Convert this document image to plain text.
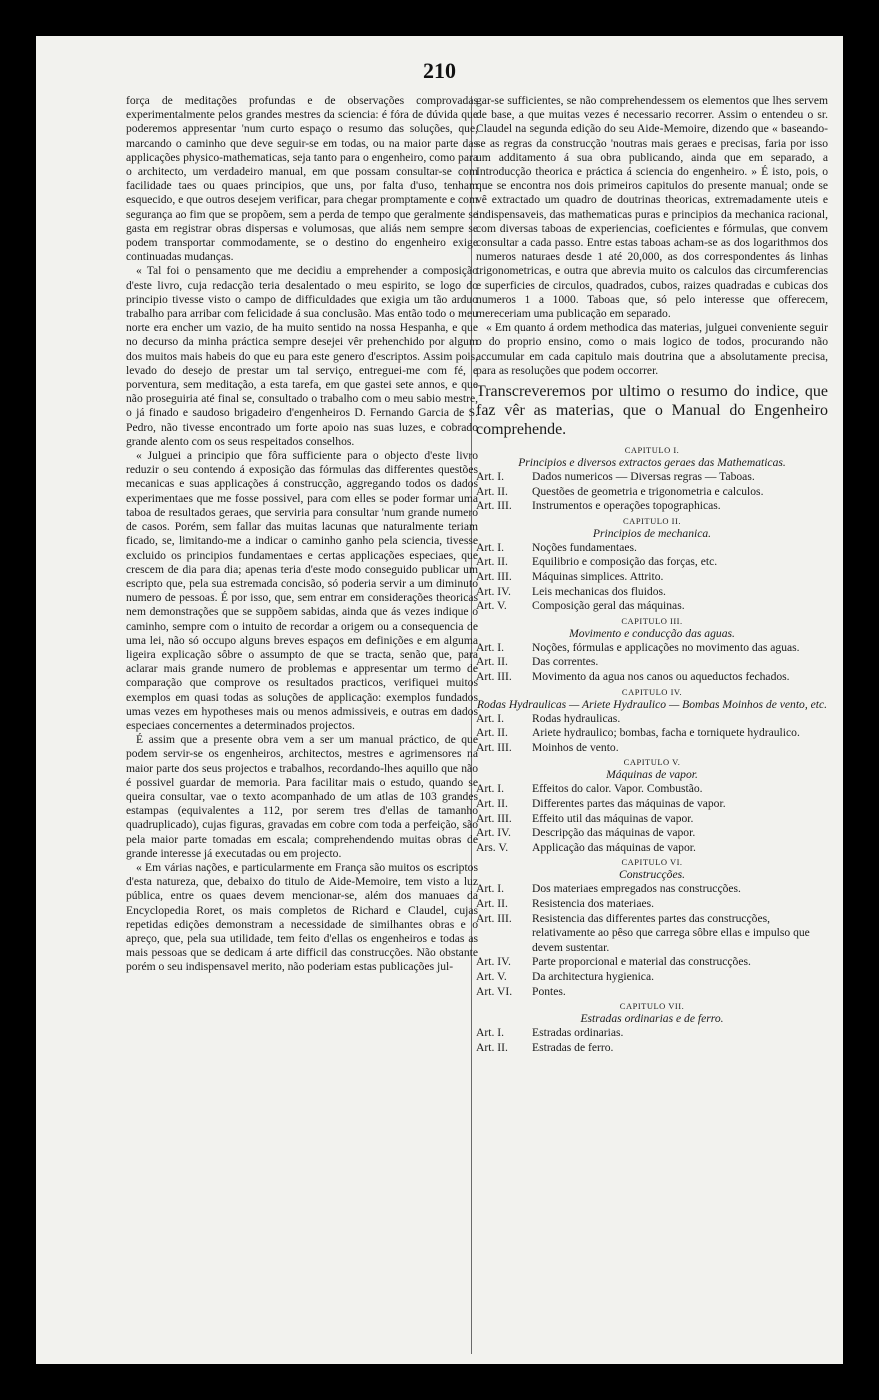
210

força de meditações profundas e de observações comprovadas experimentalmente pelos grandes mestres da sciencia: é fóra de dúvida que poderemos appresentar 'num curto espaço o resumo das soluções, que, marcando o caminho que deve seguir-se em todas, ou na maior parte das applicações physico-mathematicas, seja tanto para o engenheiro, como para o architecto, um verdadeiro manual, em que possam consultar-se com facilidade taes ou quaes principios, que uns, por falta d'uso, tenham esquecido, e que outros desejem verificar, para chegar promptamente e com segurança ao fim que se propõem, sem a perda de tempo que geralmente se gasta em registrar obras dispersas e volumosas, que aliás nem sempre se podem transportar commodamente, se o destino do engenheiro exige continuadas mudanças.

« Tal foi o pensamento que me decidiu a emprehender a composição d'este livro, cuja redacção teria desalentado o meu espirito, se logo do principio tivesse visto o campo de difficuldades que exigia um tão arduo trabalho para arribar com felicidade á sua conclusão. Mas então todo o meu norte era encher um vazio, de ha muito sentido na nossa Hespanha, e que no decurso da minha práctica sempre desejei vêr prehenchido por algum dos muitos mais habeis do que eu para este genero d'escriptos. Assim pois, levado do desejo de prestar um tal serviço, entreguei-me com fé, e porventura, sem meditação, a esta tarefa, em que gastei sete annos, e que não proseguiria até final se, consultado o trabalho com o meu sabio mestre, o já finado e saudoso brigadeiro d'engenheiros D. Fernando Garcia de S. Pedro, não tivesse encontrado um forte apoio nas suas luzes, e cobrado grande alento com os seus respeitados conselhos.

« Julguei a principio que fôra sufficiente para o objecto d'este livro reduzir o seu contendo á exposição das fórmulas das differentes questões mecanicas e suas applicações á construcção, aggregando todos os dados experimentaes que me fosse possivel, para com elles se poder formar uma taboa de resultados geraes, que serviria para consultar 'num grande numero de casos. Porém, sem fallar das muitas lacunas que naturalmente teriam ficado, se, limitando-me a indicar o caminho ganho pela sciencia, tivesse excluido os principios fundamentaes e certas applicações especiaes, que crescem de dia para dia; apenas teria d'este modo conseguido publicar um escripto que, pela sua estremada concisão, só poderia servir a um diminuto numero de pessoas. É por isso, que, sem entrar em considerações theoricas nem demonstrações que se suppõem sabidas, ainda que ás vezes indique o caminho, sempre com o intuito de recordar a origem ou a consequencia de uma lei, não só occupo alguns breves espaços em definições e em alguma ligeira explicação sôbre o assumpto de que se tracta, senão que, para aclarar mais grande numero de problemas e appresentar um termo de comparação que comprove os resultados practicos, verifiquei muitos exemplos em quasi todas as soluções de applicação: exemplos fundados umas vezes em hypotheses mais ou menos admissiveis, e outras em dados especiaes concernentes a determinados projectos.

É assim que a presente obra vem a ser um manual práctico, de que podem servir-se os engenheiros, architectos, mestres e agrimensores na maior parte dos seus projectos e trabalhos, recordando-lhes aquillo que não é possivel guardar de memoria. Para facilitar mais o estudo, quando se queira consultar, vae o texto acompanhado de um atlas de 103 grandes estampas (equivalentes a 112, por serem tres d'ellas de tamanho quadruplicado), cujas figuras, gravadas em cobre com toda a perfeição, são pela maior parte tomadas em escala; comprehendendo muitas obras de grande interesse já executadas ou em projecto.

« Em várias nações, e particularmente em França são muitos os escriptos d'esta natureza, que, debaixo do titulo de Aide-Memoire, tem visto a luz pública, entre os quaes devem mencionar-se, além dos manuaes da Encyclopedia Roret, os mais completos de Richard e Claudel, cujas repetidas edições demonstram a necessidade de similhantes obras e o apreço, que, pela sua utilidade, tem feito d'ellas os engenheiros e todas as mais pessoas que se dedicam á arte difficil das construcções. Não obstante porém o seu indispensavel merito, não poderiam estas publicações jul-

gar-se sufficientes, se não comprehendessem os elementos que lhes servem de base, a que muitas vezes é necessario recorrer. Assim o entendeu o sr. Claudel na segunda edição do seu Aide-Memoire, dizendo que « baseando-se as regras da construcção 'noutras mais geraes e precisas, faria por isso um additamento á sua obra publicando, ainda que em separado, a Introducção theorica e práctica á sciencia do engenheiro. » É isto, pois, o que se encontra nos dois primeiros capitulos do presente manual; onde se vê extractado um quadro de doutrinas theoricas, extremadamente uteis e indispensaveis, das mathematicas puras e principios da mechanica racional, com diversas taboas de experiencias, coeficientes e fórmulas, que convem consultar a cada passo. Entre estas taboas acham-se as dos logarithmos dos numeros naturaes desde 1 até 20,000, as dos correspondentes ás linhas trigonometricas, e outra que abrevia muito os calculos das circumferencias e superficies de circulos, quadrados, cubos, raizes quadradas e cubicas dos numeros 1 a 1000. Taboas que, só pelo interesse que offerecem, mereceriam uma publicação em separado.

« Em quanto á ordem methodica das materias, julguei conveniente seguir o do proprio ensino, como o mais logico de todos, procurando não accumular em cada capitulo mais doutrina que a absolutamente precisa, para as resoluções que podem occorrer.

Transcreveremos por ultimo o resumo do indice, que faz vêr as materias, que o Manual do Engenheiro comprehende.

CAPITULO I.
Principios e diversos extractos geraes das Mathematicas.
Art. I. Dados numericos — Diversas regras — Taboas.
Art. II. Questões de geometria e trigonometria e calculos.
Art. III. Instrumentos e operações topographicas.
CAPITULO II.
Principios de mechanica.
Art. I. Noções fundamentaes.
Art. II. Equilibrio e composição das forças, etc.
Art. III. Máquinas simplices. Attrito.
Art. IV. Leis mechanicas dos fluidos.
Art. V. Composição geral das máquinas.
CAPITULO III.
Movimento e conducção das aguas.
Art. I. Noções, fórmulas e applicações no movimento das aguas.
Art. II. Das correntes.
Art. III. Movimento da agua nos canos ou aqueductos fechados.
CAPITULO IV.
Rodas Hydraulicas — Ariete Hydraulico — Bombas Moinhos de vento, etc.
Art. I. Rodas hydraulicas.
Art. II. Ariete hydraulico; bombas, facha e torniquete hydraulico.
Art. III. Moinhos de vento.
CAPITULO V.
Máquinas de vapor.
Art. I. Effeitos do calor. Vapor. Combustão.
Art. II. Differentes partes das máquinas de vapor.
Art. III. Effeito util das máquinas de vapor.
Art. IV. Descripção das máquinas de vapor.
Ars. V. Applicação das máquinas de vapor.
CAPITULO VI.
Construcções.
Art. I. Dos materiaes empregados nas construcções.
Art. II. Resistencia dos materiaes.
Art. III. Resistencia das differentes partes das construcções, relativamente ao pêso que carrega sôbre ellas e impulso que devem sustentar.
Art. IV. Parte proporcional e material das construcções.
Art. V. Da architectura hygienica.
Art. VI. Pontes.
CAPITULO VII.
Estradas ordinarias e de ferro.
Art. I. Estradas ordinarias.
Art. II. Estradas de ferro.
